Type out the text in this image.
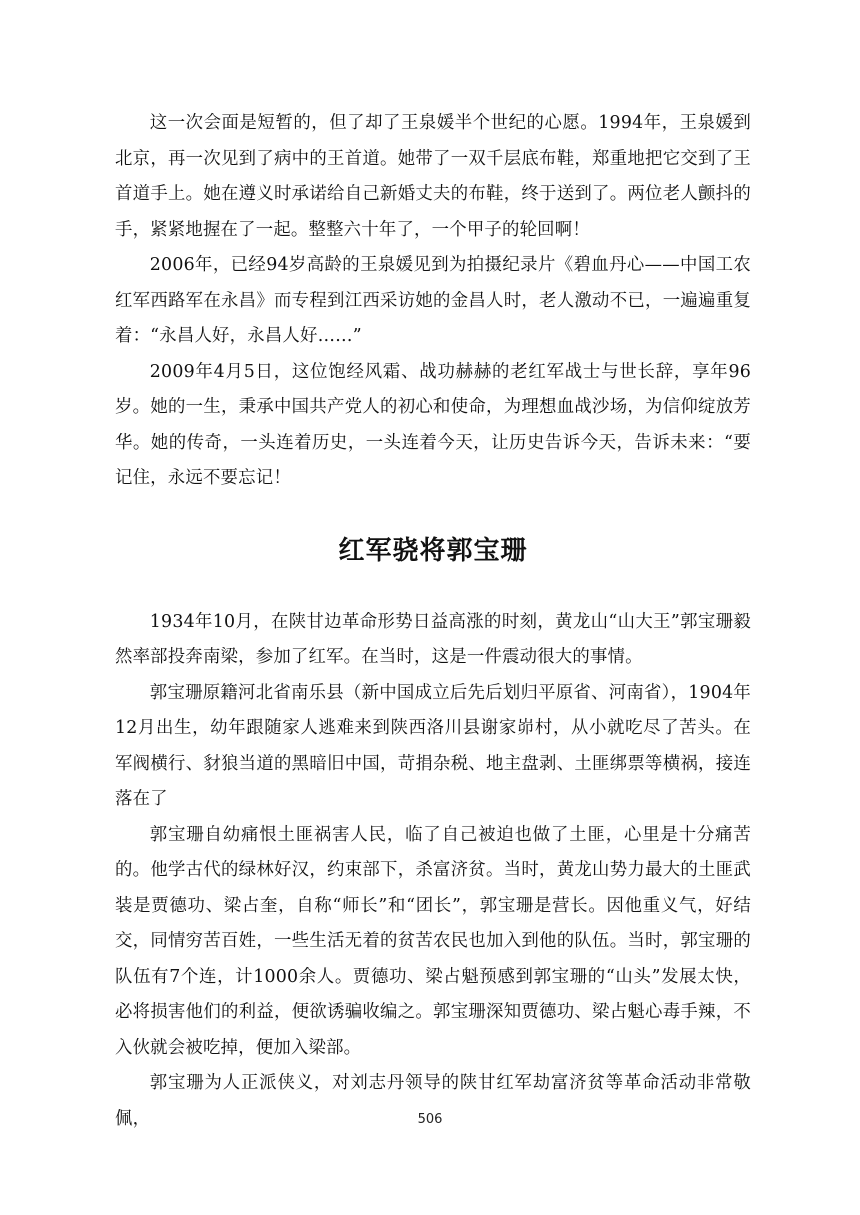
这一次会面是短暂的，但了却了王泉媛半个世纪的心愿。1994年，王泉媛到北京，再一次见到了病中的王首道。她带了一双千层底布鞋，郑重地把它交到了王首道手上。她在遵义时承诺给自己新婚丈夫的布鞋，终于送到了。两位老人颤抖的手，紧紧地握在了一起。整整六十年了，一个甲子的轮回啊！

2006年，已经94岁高龄的王泉媛见到为拍摄纪录片《碧血丹心——中国工农红军西路军在永昌》而专程到江西采访她的金昌人时，老人激动不已，一遍遍重复着：“永昌人好，永昌人好……”

2009年4月5日，这位饱经风霜、战功赫赫的老红军战士与世长辞，享年96岁。她的一生，秉承中国共产党人的初心和使命，为理想血战沙场，为信仰绽放芳华。她的传奇，一头连着历史，一头连着今天，让历史告诉今天，告诉未来：“要记住，永远不要忘记！

红军骁将郭宝珊

1934年10月，在陕甘边革命形势日益高涨的时刻，黄龙山“山大王”郭宝珊毅然率部投奔南梁，参加了红军。在当时，这是一件震动很大的事情。

郭宝珊原籍河北省南乐县（新中国成立后先后划归平原省、河南省），1904年12月出生，幼年跟随家人逃难来到陕西洛川县谢家峁村，从小就吃尽了苦头。在军阀横行、豺狼当道的黑暗旧中国，苛捐杂税、地主盘剥、土匪绑票等横祸，接连落在了

郭宝珊自幼痛恨土匪祸害人民，临了自己被迫也做了土匪，心里是十分痛苦的。他学古代的绿林好汉，约束部下，杀富济贫。当时，黄龙山势力最大的土匪武装是贾德功、梁占奎，自称“师长”和“团长”，郭宝珊是营长。因他重义气，好结交，同情穷苦百姓，一些生活无着的贫苦农民也加入到他的队伍。当时，郭宝珊的队伍有7个连，计1000余人。贾德功、梁占魁预感到郭宝珊的“山头”发展太快，必将损害他们的利益，便欲诱骗收编之。郭宝珊深知贾德功、梁占魁心毒手辣，不入伙就会被吃掉，便加入梁部。

郭宝珊为人正派侠义，对刘志丹领导的陕甘红军劫富济贫等革命活动非常敬佩，	506
